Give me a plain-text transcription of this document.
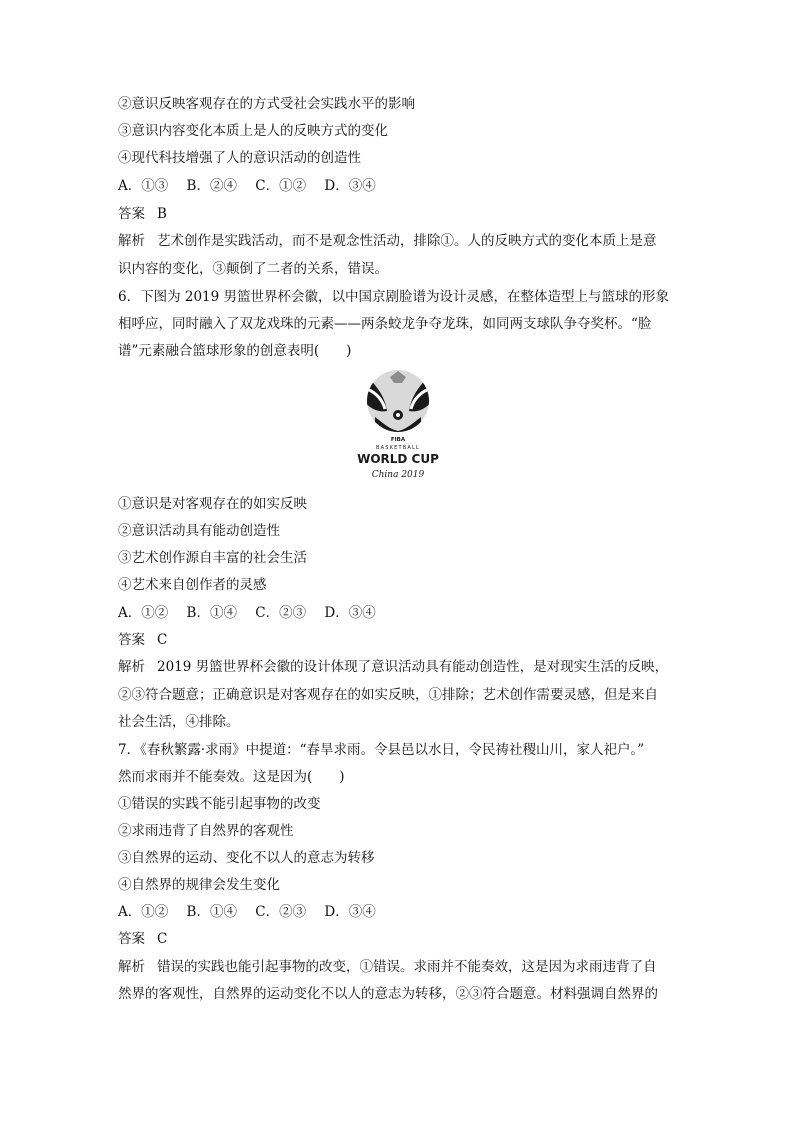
②意识反映客观存在的方式受社会实践水平的影响
③意识内容变化本质上是人的反映方式的变化
④现代科技增强了人的意识活动的创造性
A．①③ B．②④ C．①② D．③④
答案 B
解析 艺术创作是实践活动，而不是观念性活动，排除①。人的反映方式的变化本质上是意
识内容的变化，③颠倒了二者的关系，错误。
6．下图为 2019 男篮世界杯会徽，以中国京剧脸谱为设计灵感，在整体造型上与篮球的形象
相呼应，同时融入了双龙戏珠的元素——两条蛟龙争夺龙珠，如同两支球队争夺奖杯。“脸
谱”元素融合篮球形象的创意表明(　　)
FIBA
BASKETBALL
WORLD CUP
China 2019
①意识是对客观存在的如实反映
②意识活动具有能动创造性
③艺术创作源自丰富的社会生活
④艺术来自创作者的灵感
A．①② B．①④ C．②③ D．③④
答案 C
解析 2019 男篮世界杯会徽的设计体现了意识活动具有能动创造性，是对现实生活的反映，
②③符合题意；正确意识是对客观存在的如实反映，①排除；艺术创作需要灵感，但是来自
社会生活，④排除。
7．《春秋繁露·求雨》中提道：“春旱求雨。令县邑以水日，令民祷社稷山川，家人祀户。”
然而求雨并不能奏效。这是因为(　　)
①错误的实践不能引起事物的改变
②求雨违背了自然界的客观性
③自然界的运动、变化不以人的意志为转移
④自然界的规律会发生变化
A．①② B．①④ C．②③ D．③④
答案 C
解析 错误的实践也能引起事物的改变，①错误。求雨并不能奏效，这是因为求雨违背了自
然界的客观性，自然界的运动变化不以人的意志为转移，②③符合题意。材料强调自然界的
